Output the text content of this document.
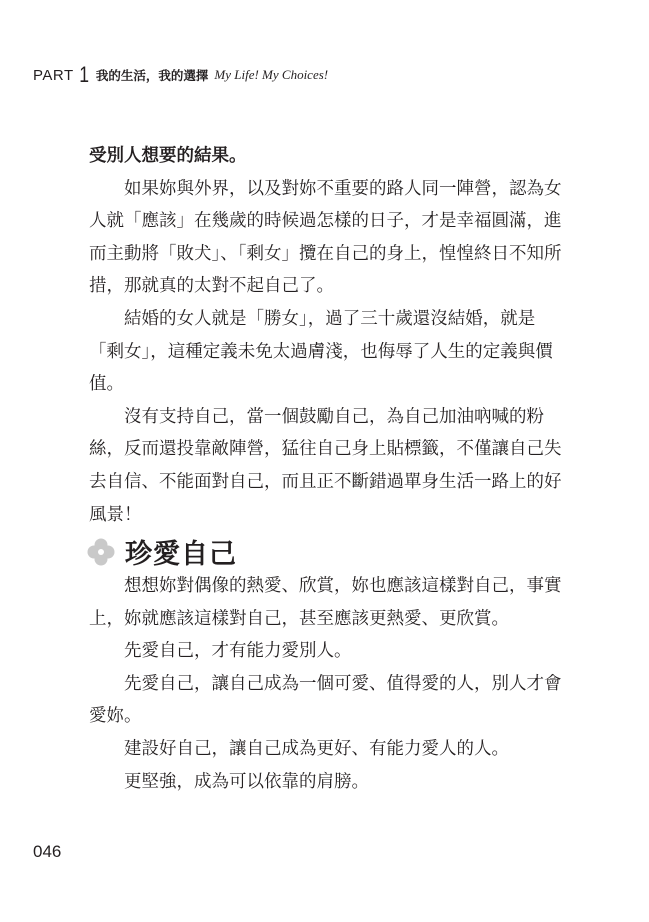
PART 1 我的生活，我的選擇 My Life! My Choices!

受別人想要的結果。

如果妳與外界，以及對妳不重要的路人同一陣營，認為女人就「應該」在幾歲的時候過怎樣的日子，才是幸福圓滿，進而主動將「敗犬」、「剩女」攬在自己的身上，惶惶終日不知所措，那就真的太對不起自己了。

結婚的女人就是「勝女」，過了三十歲還沒結婚，就是「剩女」，這種定義未免太過膚淺，也侮辱了人生的定義與價值。

沒有支持自己，當一個鼓勵自己，為自己加油吶喊的粉絲，反而還投靠敵陣營，猛往自己身上貼標籤，不僅讓自己失去自信、不能面對自己，而且正不斷錯過單身生活一路上的好風景！

珍愛自己

想想妳對偶像的熱愛、欣賞，妳也應該這樣對自己，事實上，妳就應該這樣對自己，甚至應該更熱愛、更欣賞。

先愛自己，才有能力愛別人。

先愛自己，讓自己成為一個可愛、值得愛的人，別人才會愛妳。

建設好自己，讓自己成為更好、有能力愛人的人。

更堅強，成為可以依靠的肩膀。

046
